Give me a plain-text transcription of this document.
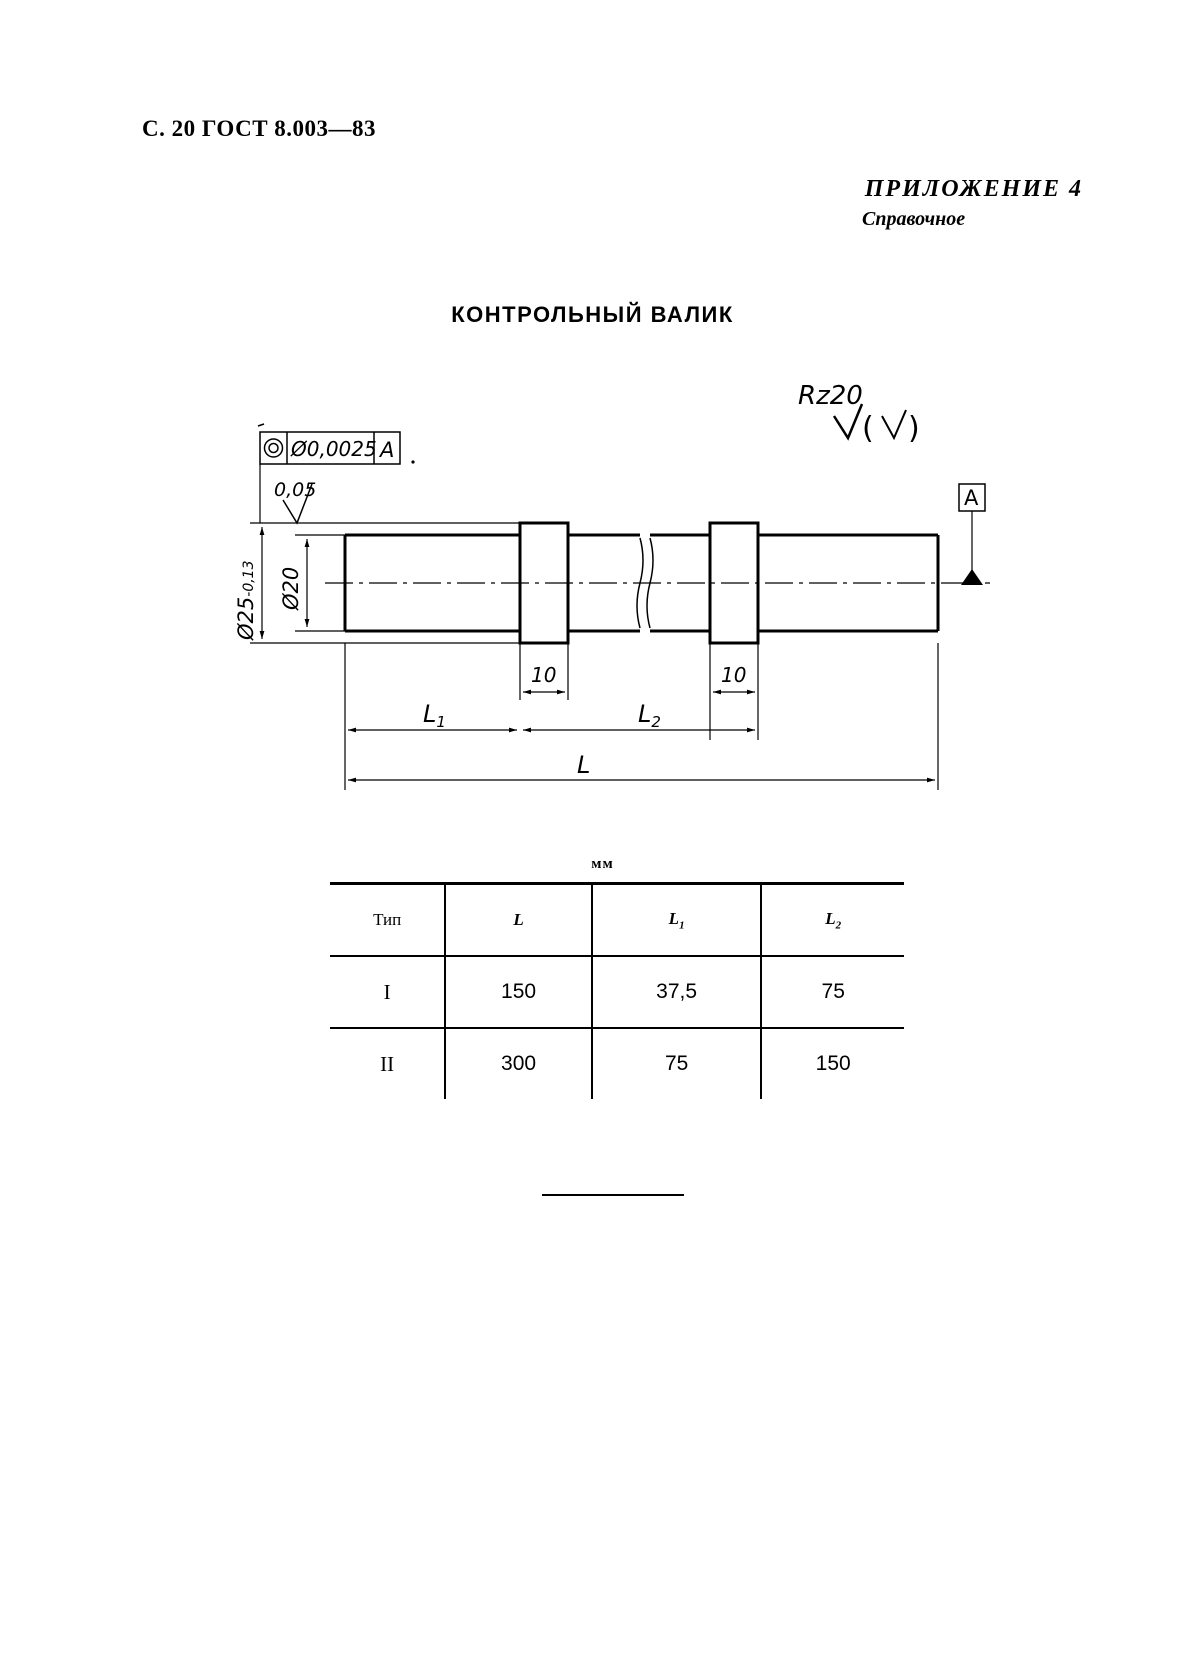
С. 20 ГОСТ 8.003—83
ПРИЛОЖЕНИЕ 4
Справочное
КОНТРОЛЬНЫЙ ВАЛИК
Ø25-0,13 Ø20
Ø0,0025 A
0,05
Rz20
( )
A
10	10
$L_1$	$L_2$
L
мм
Тип	L	$L_1$	$L_2$
I	150	37,5	75
II	300	75	150
